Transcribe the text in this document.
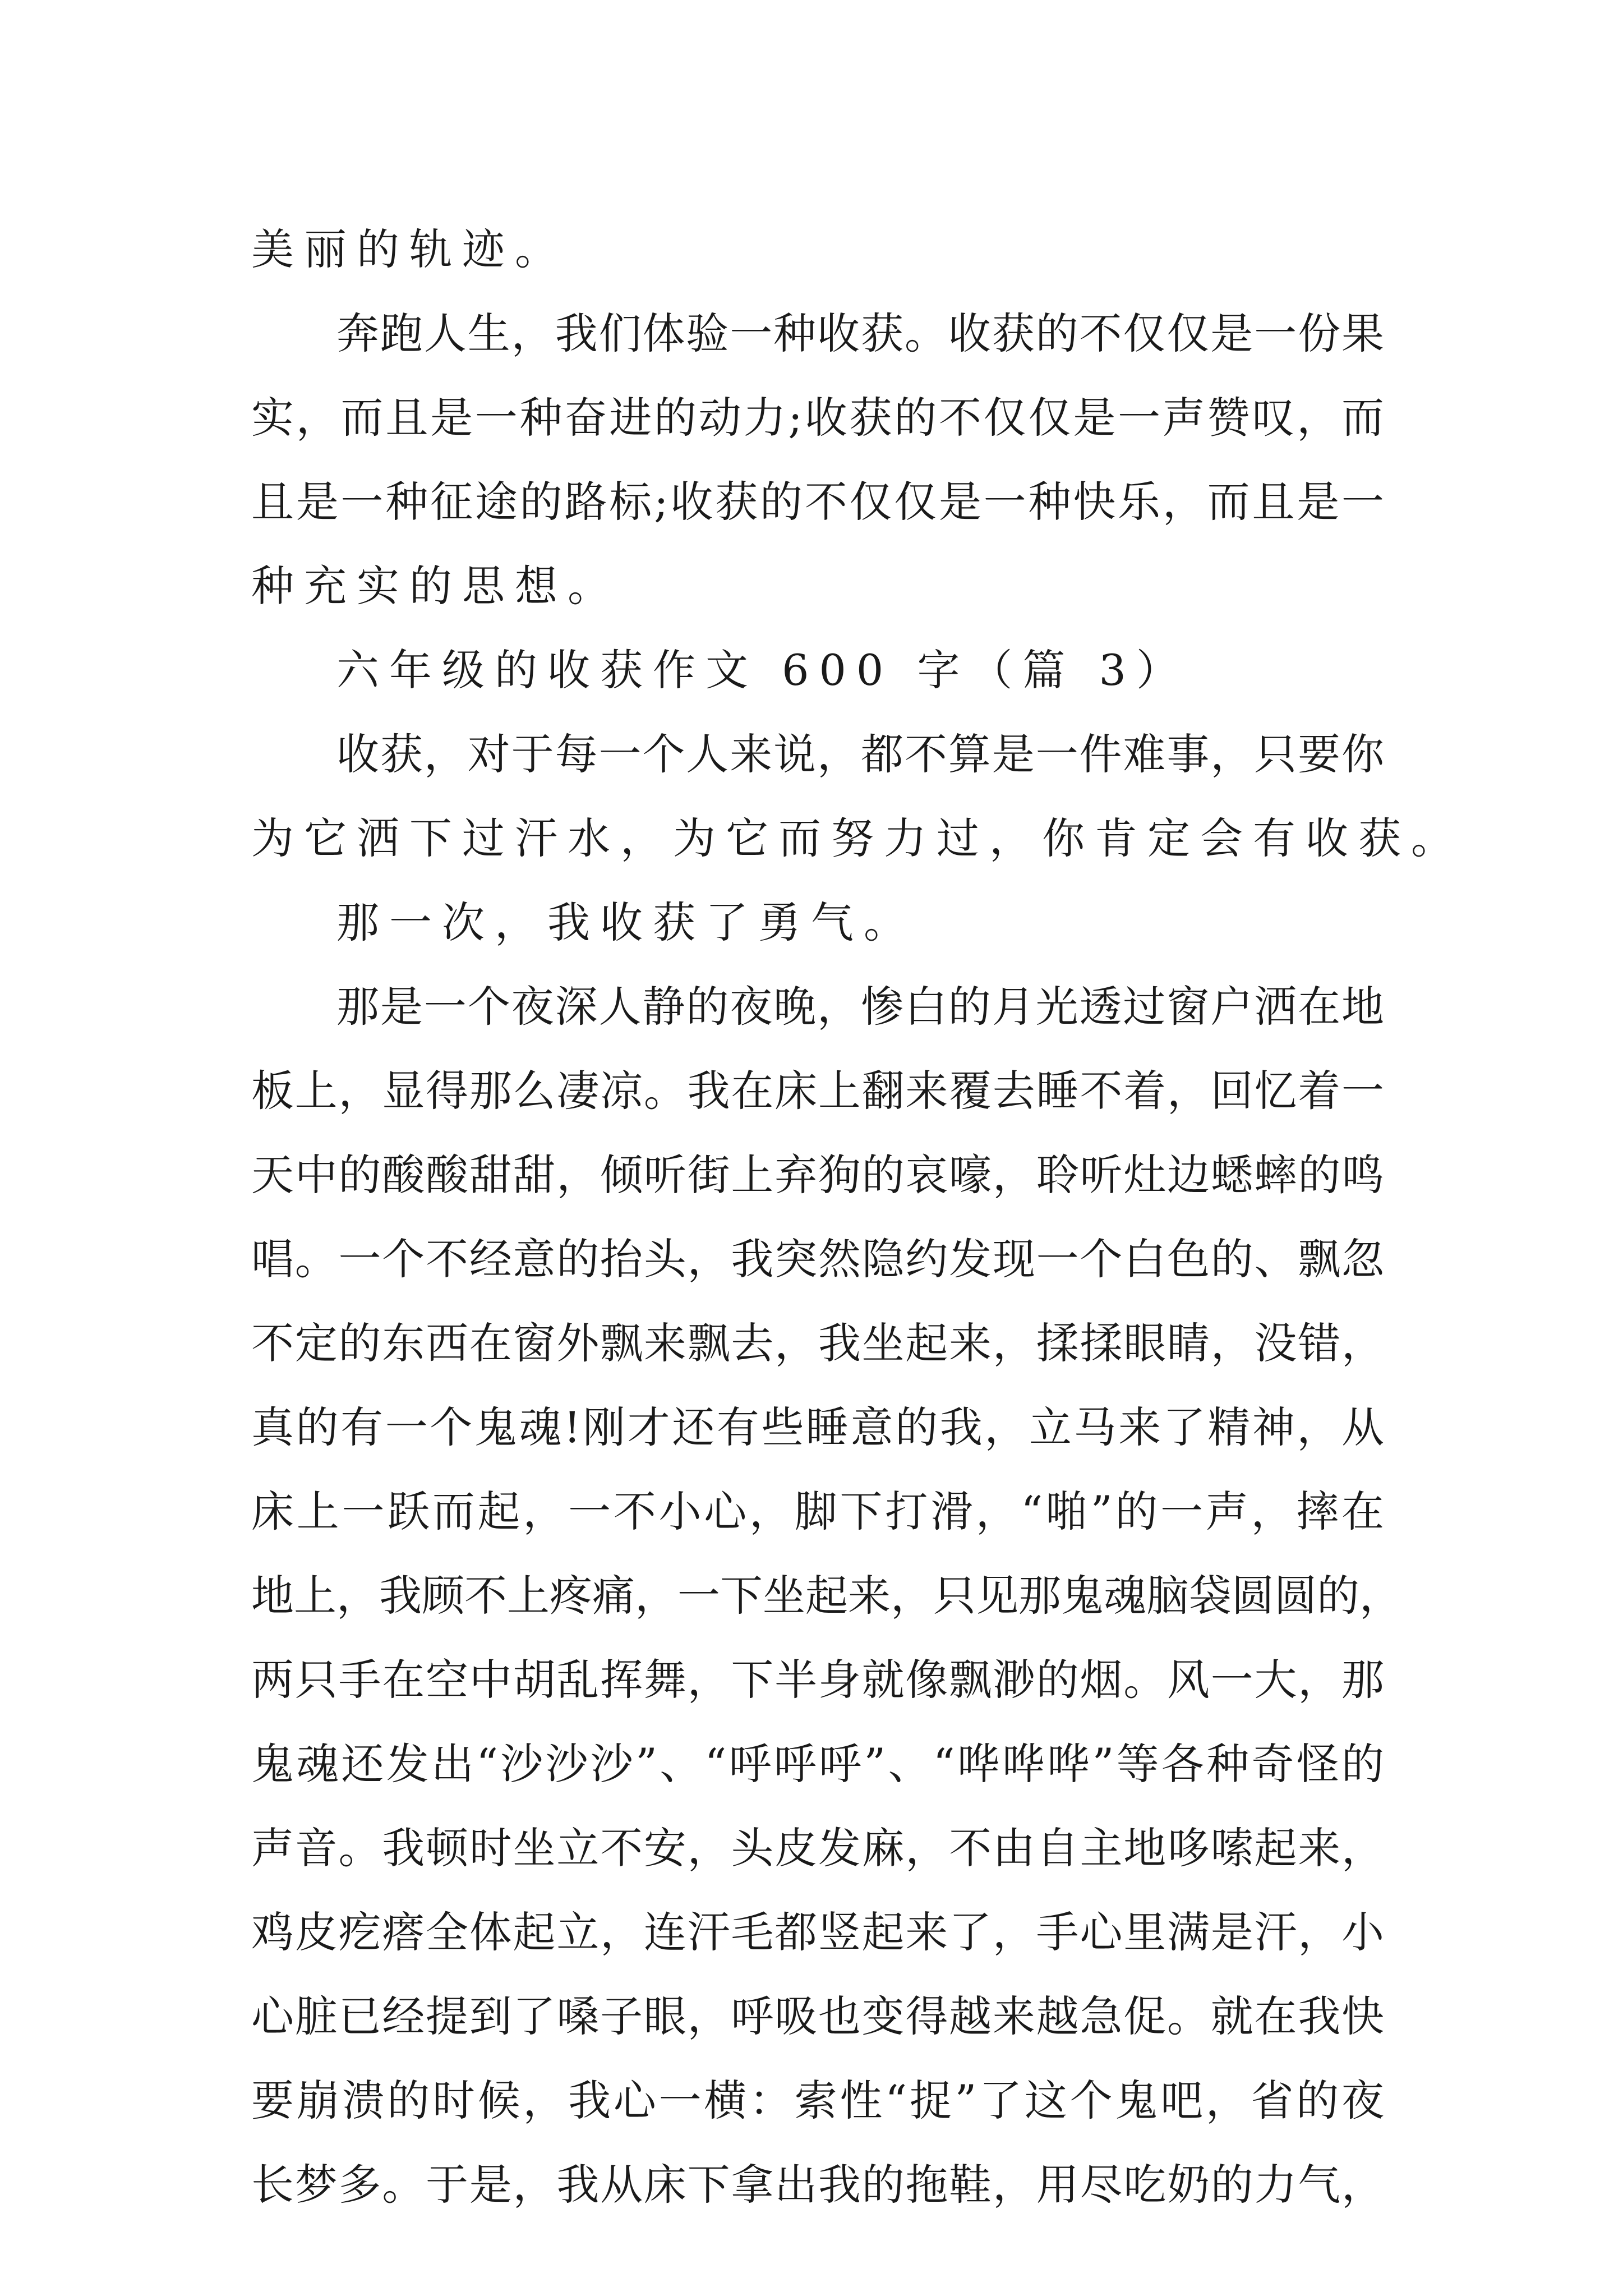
美丽的轨迹。
奔跑人生，我们体验一种收获。收获的不仅仅是一份果
实，而且是一种奋进的动力;收获的不仅仅是一声赞叹，而
且是一种征途的路标;收获的不仅仅是一种快乐，而且是一
种充实的思想。
六年级的收获作文 600 字（篇 3）
收获，对于每一个人来说，都不算是一件难事，只要你
为它洒下过汗水，为它而努力过，你肯定会有收获。
那一次，我收获了勇气。
那是一个夜深人静的夜晚，惨白的月光透过窗户洒在地
板上，显得那么凄凉。我在床上翻来覆去睡不着，回忆着一
天中的酸酸甜甜，倾听街上弃狗的哀嚎，聆听灶边蟋蟀的鸣
唱。一个不经意的抬头，我突然隐约发现一个白色的、飘忽
不定的东西在窗外飘来飘去，我坐起来，揉揉眼睛，没错，
真的有一个鬼魂!刚才还有些睡意的我，立马来了精神，从
床上一跃而起，一不小心，脚下打滑，“啪”的一声，摔在
地上，我顾不上疼痛，一下坐起来，只见那鬼魂脑袋圆圆的，
两只手在空中胡乱挥舞，下半身就像飘渺的烟。风一大，那
鬼魂还发出“沙沙沙”、“呼呼呼”、“哗哗哗”等各种奇怪的
声音。我顿时坐立不安，头皮发麻，不由自主地哆嗦起来，
鸡皮疙瘩全体起立，连汗毛都竖起来了，手心里满是汗，小
心脏已经提到了嗓子眼，呼吸也变得越来越急促。就在我快
要崩溃的时候，我心一横：索性“捉”了这个鬼吧，省的夜
长梦多。于是，我从床下拿出我的拖鞋，用尽吃奶的力气，
